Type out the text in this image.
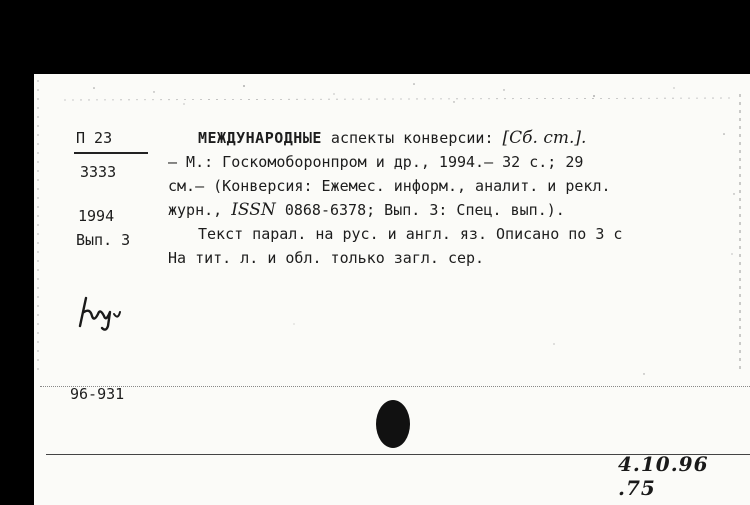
П 23
3333
1994
Вып. 3
МЕЖДУНАРОДНЫЕ аспекты конверсии: [Сб. ст.].
– М.: Госкомоборонпром и др., 1994.– 32 с.; 29
см.– (Конверсия: Ежемес. информ., аналит. и рекл.
журн., ISSN 0868-6378; Вып. 3: Спец. вып.).
Текст парал. на рус. и англ. яз. Описано по 3 с
На тит. л. и обл. только загл. сер.
96-931
4.10.96 .75
